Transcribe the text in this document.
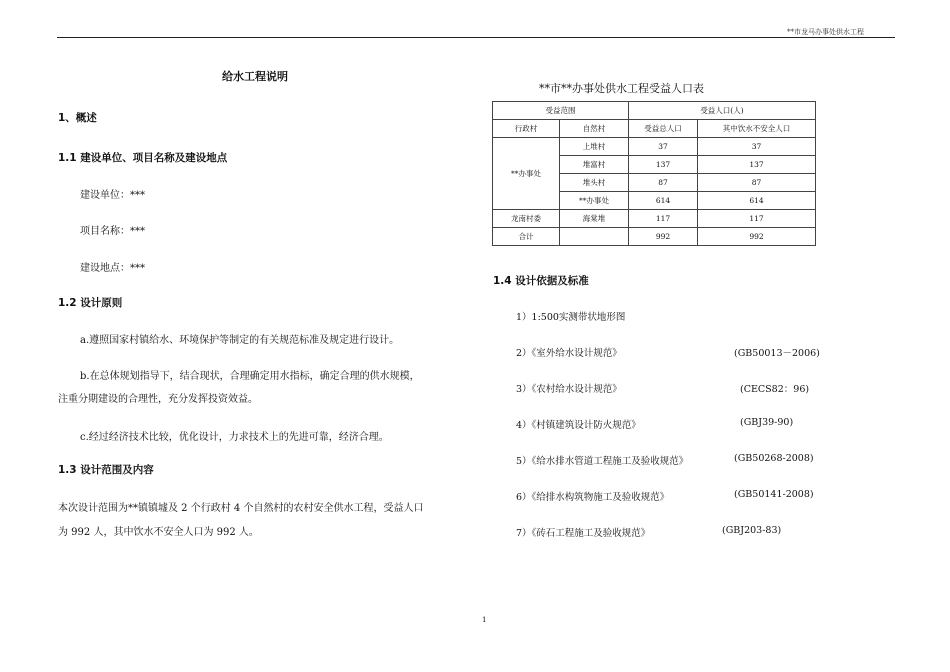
**市龙马办事处供水工程
给水工程说明
1、概述
1.1 建设单位、项目名称及建设地点
建设单位：***
项目名称：***
建设地点：***
1.2 设计原则
a.遵照国家村镇给水、环境保护等制定的有关规范标准及规定进行设计。
b.在总体规划指导下，结合现状，合理确定用水指标，确定合理的供水规模，
注重分期建设的合理性，充分发挥投资效益。
c.经过经济技术比较，优化设计，力求技术上的先进可靠，经济合理。
1.3 设计范围及内容
本次设计范围为**镇镇墟及 2 个行政村 4 个自然村的农村安全供水工程，受益人口
为 992 人，其中饮水不安全人口为 992 人。
**市**办事处供水工程受益人口表
受益范围		受益人口(人)	
行政村	自然村	受益总人口	其中饮水不安全人口
**办事处	上堆村	37	37
	堆富村	137	137
	堆头村	87	87
	**办事处	614	614
龙南村委	海棠堆	117	117
合计		992	992
1.4 设计依据及标准
1）1:500实测带状地形图
2）《室外给水设计规范》	(GB50013－2006)
3）《农村给水设计规范》	(CECS82：96)
4）《村镇建筑设计防火规范》	(GBJ39-90)
5）《给水排水管道工程施工及验收规范》	(GB50268-2008)
6）《给排水构筑物施工及验收规范》	(GB50141-2008)
7）《砖石工程施工及验收规范》	(GBJ203-83)
1
